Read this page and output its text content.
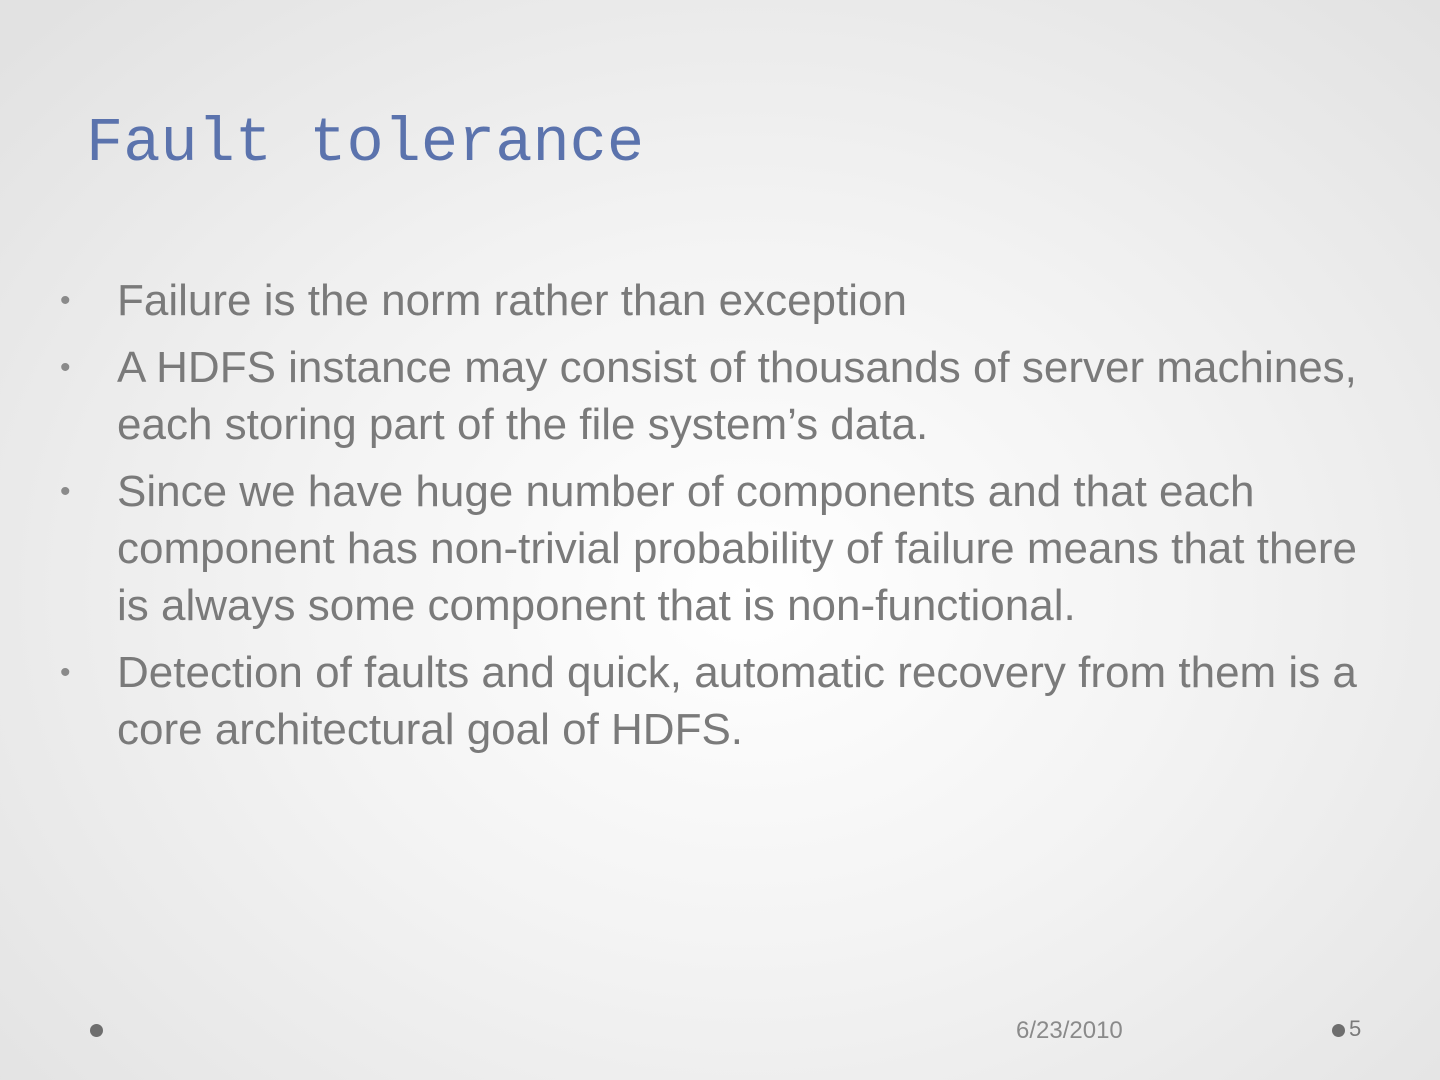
Fault tolerance
• Failure is the norm rather than exception
• A HDFS instance may consist of thousands of server machines, each storing part of the file system’s data.
• Since we have huge number of components and that each component has non-trivial probability of failure means that there is always some component that is non-functional.
• Detection of faults and quick, automatic recovery from them is a core architectural goal of HDFS.
6/23/2010	5
